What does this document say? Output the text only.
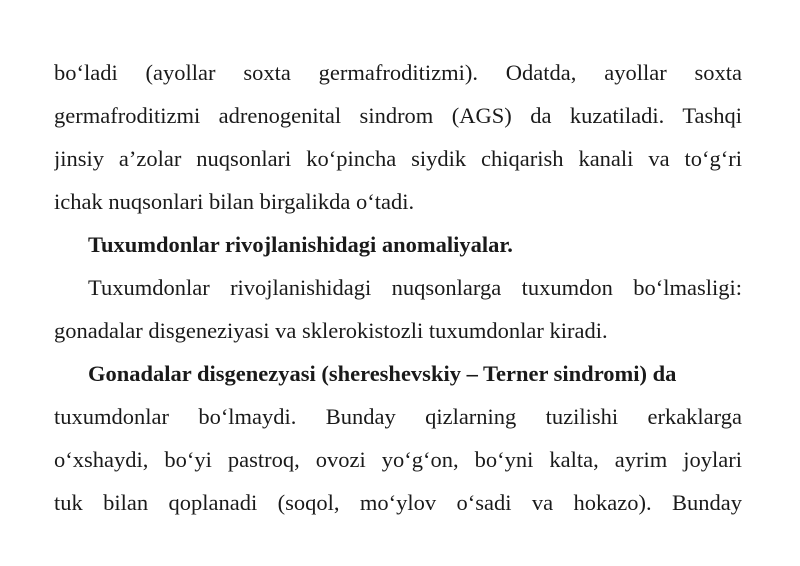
bo‘ladi (ayollar soxta germafroditizmi). Odatda, ayollar soxta
germafroditizmi adrenogenital sindrom (AGS) da kuzatiladi. Tashqi
jinsiy a’zolar nuqsonlari ko‘pincha siydik chiqarish kanali va to‘g‘ri
ichak nuqsonlari bilan birgalikda o‘tadi.
Tuxumdonlar rivojlanishidagi anomaliyalar.
Tuxumdonlar rivojlanishidagi nuqsonlarga tuxumdon bo‘lmasligi:
gonadalar disgeneziyasi va sklerokistozli tuxumdonlar kiradi.
Gonadalar disgenezyasi (shereshevskiy – Terner sindromi) da
tuxumdonlar bo‘lmaydi. Bunday qizlarning tuzilishi erkaklarga
o‘xshaydi, bo‘yi pastroq, ovozi yo‘g‘on, bo‘yni kalta, ayrim joylari
tuk bilan qoplanadi (soqol, mo‘ylov o‘sadi va hokazo). Bunday
